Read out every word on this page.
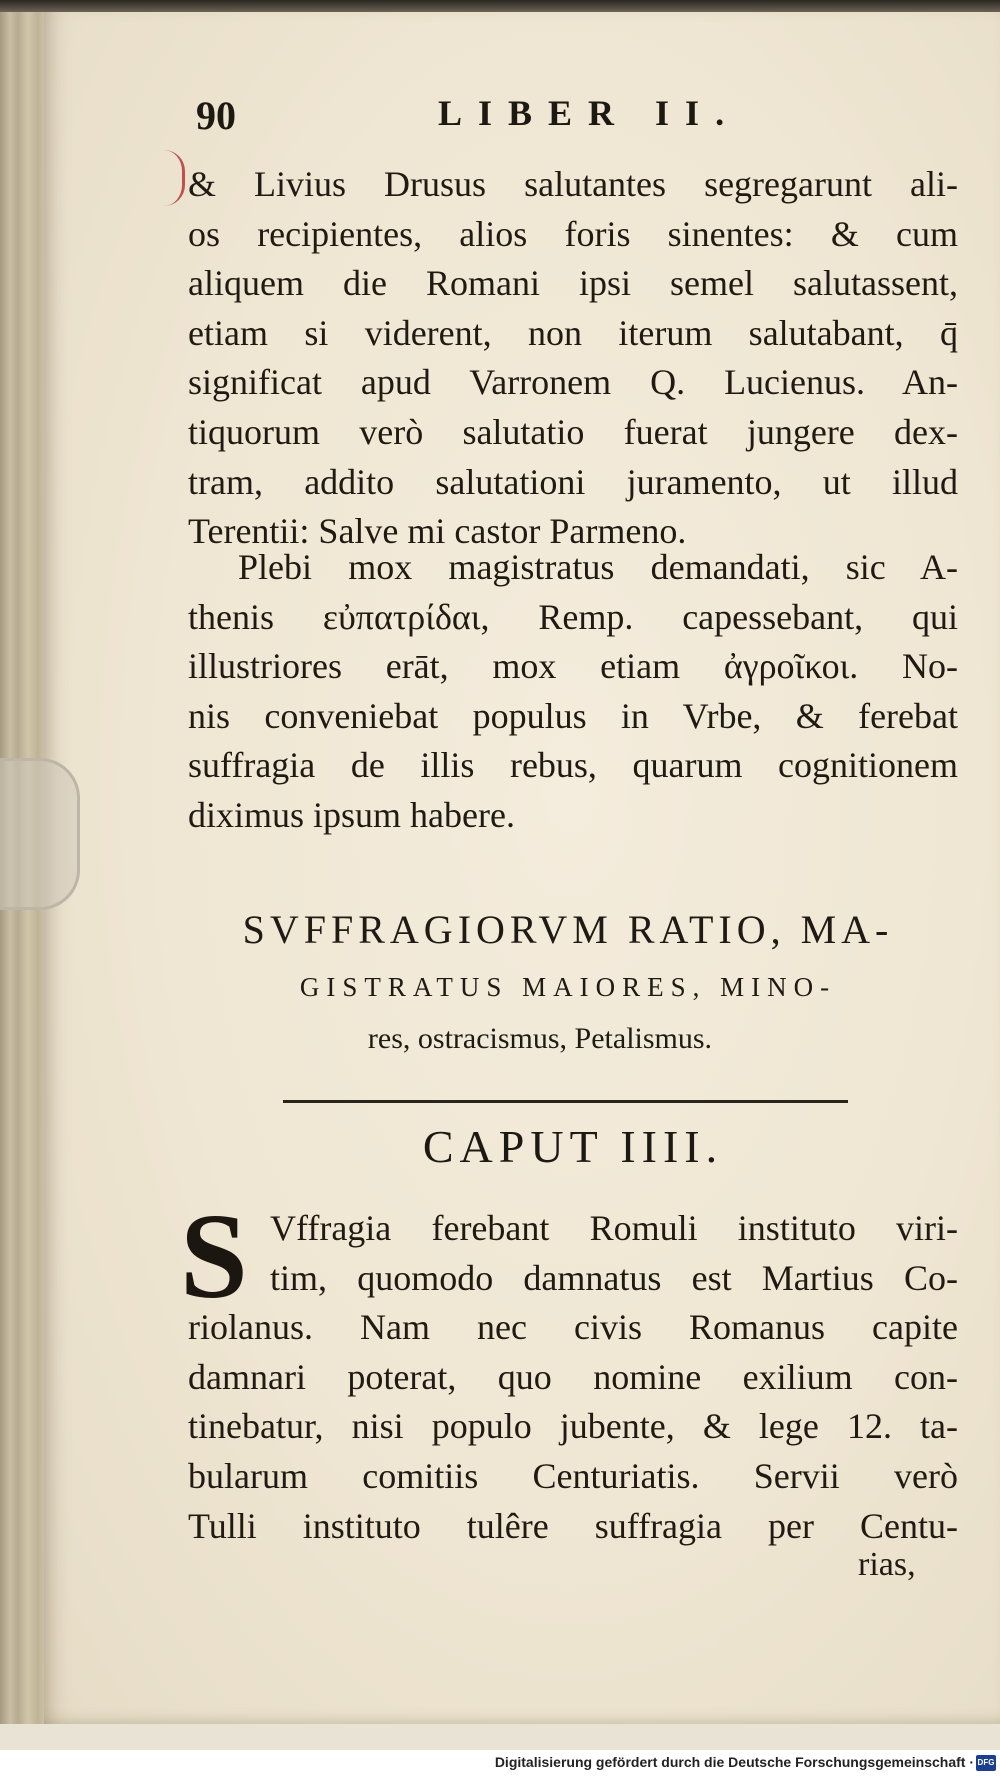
90	LIBER II.

& Livius Drusus salutantes segregarunt ali-

os recipientes, alios foris sinentes: & cum

aliquem die Romani ipsi semel salutassent,

etiam si viderent, non iterum salutabant, q̄

significat apud Varronem Q. Lucienus. An-

tiquorum verò salutatio fuerat jungere dex-

tram, addito salutationi juramento, ut illud

Terentii: Salve mi castor Parmeno.

Plebi mox magistratus demandati, sic A-

thenis εὐπατρίδαι, Remp. capessebant, qui

illustriores erāt, mox etiam ἀγροῖκοι. No-

nis conveniebat populus in Vrbe, & ferebat

suffragia de illis rebus, quarum cognitionem

diximus ipsum habere.

SVFFRAGIORVM RATIO, MA-
GISTRATUS MAIORES, MINO-
res, ostracismus, Petalismus.
CAPUT IIII.
S Vffragia ferebant Romuli instituto viri-

tim, quomodo damnatus est Martius Co-

riolanus. Nam nec civis Romanus capite

damnari poterat, quo nomine exilium con-

tinebatur, nisi populo jubente, & lege 12. ta-

bularum comitiis Centuriatis. Servii verò

Tulli instituto tulêre suffragia per Centu-

rias,
Digitalisierung gefördert durch die Deutsche Forschungsgemeinschaft · DFG
